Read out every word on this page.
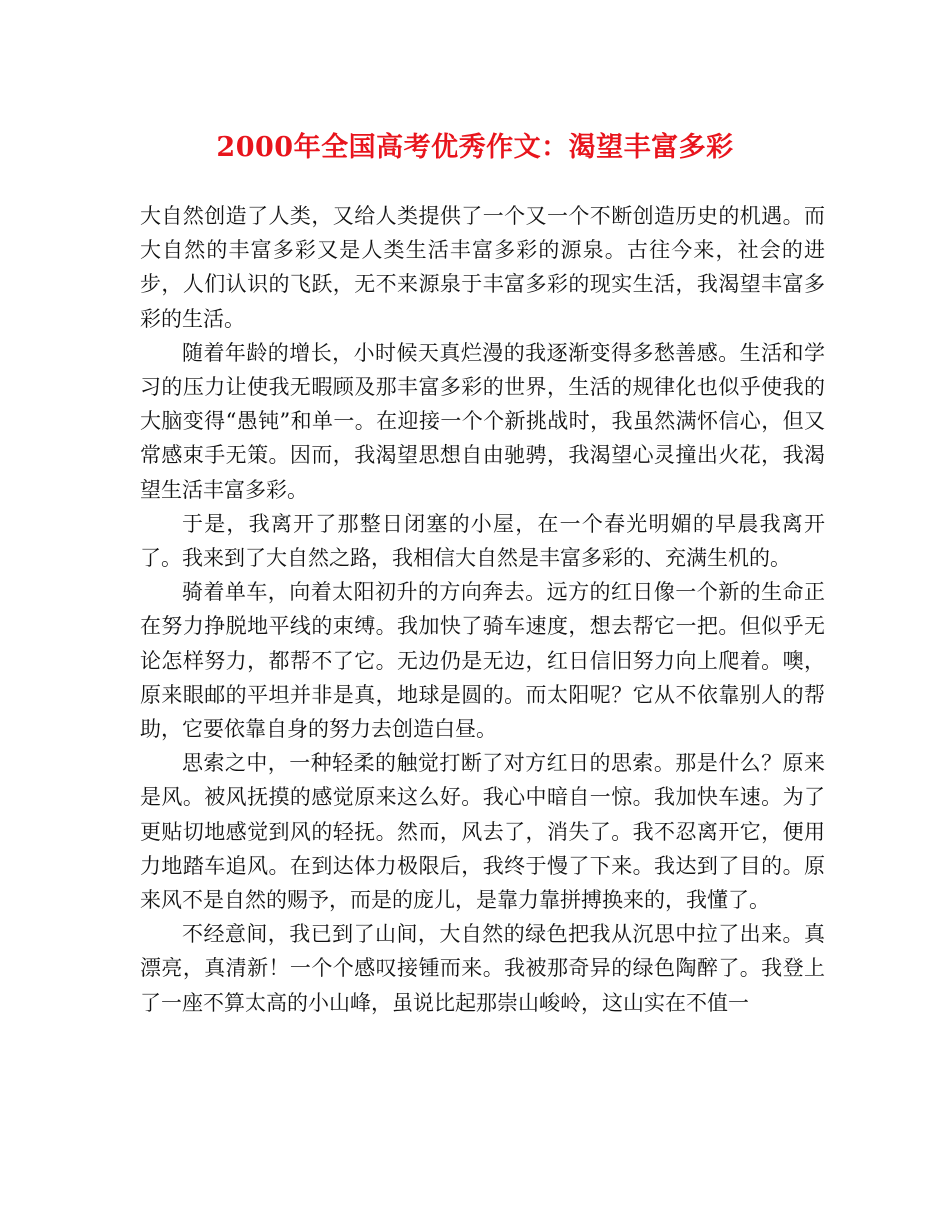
2000年全国高考优秀作文：渴望丰富多彩

大自然创造了人类，又给人类提供了一个又一个不断创造历史的机遇。而大自然的丰富多彩又是人类生活丰富多彩的源泉。古往今来，社会的进步，人们认识的飞跃，无不来源泉于丰富多彩的现实生活，我渴望丰富多彩的生活。

随着年龄的增长，小时候天真烂漫的我逐渐变得多愁善感。生活和学习的压力让使我无暇顾及那丰富多彩的世界，生活的规律化也似乎使我的大脑变得“愚钝”和单一。在迎接一个个新挑战时，我虽然满怀信心，但又常感束手无策。因而，我渴望思想自由驰骋，我渴望心灵撞出火花，我渴望生活丰富多彩。

于是，我离开了那整日闭塞的小屋，在一个春光明媚的早晨我离开了。我来到了大自然之路，我相信大自然是丰富多彩的、充满生机的。

骑着单车，向着太阳初升的方向奔去。远方的红日像一个新的生命正在努力挣脱地平线的束缚。我加快了骑车速度，想去帮它一把。但似乎无论怎样努力，都帮不了它。无边仍是无边，红日信旧努力向上爬着。噢，原来眼邮的平坦并非是真，地球是圆的。而太阳呢？它从不依靠别人的帮助，它要依靠自身的努力去创造白昼。

思索之中，一种轻柔的触觉打断了对方红日的思索。那是什么？原来是风。被风抚摸的感觉原来这么好。我心中暗自一惊。我加快车速。为了更贴切地感觉到风的轻抚。然而，风去了，消失了。我不忍离开它，便用力地踏车追风。在到达体力极限后，我终于慢了下来。我达到了目的。原来风不是自然的赐予，而是的庞儿，是靠力靠拼搏换来的，我懂了。

不经意间，我已到了山间，大自然的绿色把我从沉思中拉了出来。真漂亮，真清新！一个个感叹接锺而来。我被那奇异的绿色陶醉了。我登上了一座不算太高的小山峰，虽说比起那崇山峻岭，这山实在不值一
